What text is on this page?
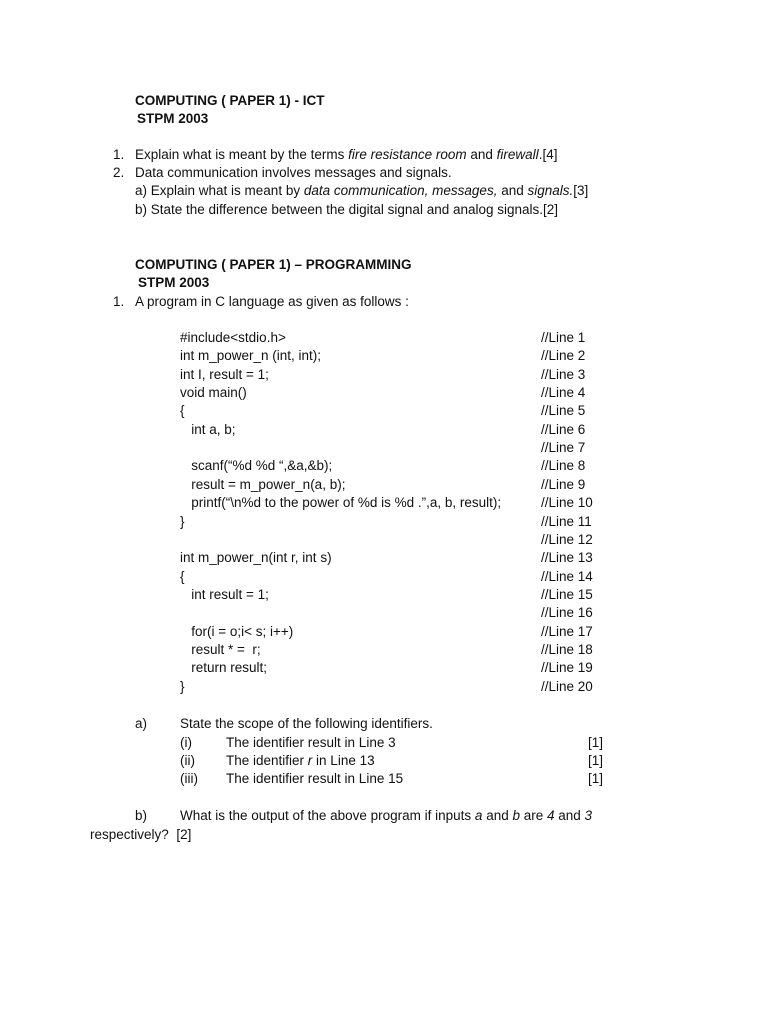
COMPUTING ( PAPER 1) - ICT
STPM 2003
1. Explain what is meant by the terms fire resistance room and firewall.[4]
2. Data communication involves messages and signals.
a) Explain what is meant by data communication, messages, and signals.[3]
b) State the difference between the digital signal and analog signals.[2]
COMPUTING ( PAPER 1) – PROGRAMMING
STPM 2003
1. A program in C language as given as follows :
#include<stdio.h>	//Line 1
int m_power_n (int, int);	//Line 2
int I, result = 1;	//Line 3
void main()	//Line 4
{	//Line 5
int a, b;	//Line 6
//Line 7
scanf(“%d %d “,&a,&b);	//Line 8
result = m_power_n(a, b);	//Line 9
printf(“\n%d to the power of %d is %d .”,a, b, result);	//Line 10
}	//Line 11
//Line 12
int m_power_n(int r, int s)	//Line 13
{	//Line 14
int result = 1;	//Line 15
//Line 16
for(i = o;i< s; i++)	//Line 17
result * =  r;	//Line 18
return result;	//Line 19
}	//Line 20
a) State the scope of the following identifiers.
(i)	The identifier result in Line 3	[1]
(ii) The identifier r in Line 13	[1]
(iii) The identifier result in Line 15	[1]
b) What is the output of the above program if inputs a and b are 4 and 3
respectively? [2]
